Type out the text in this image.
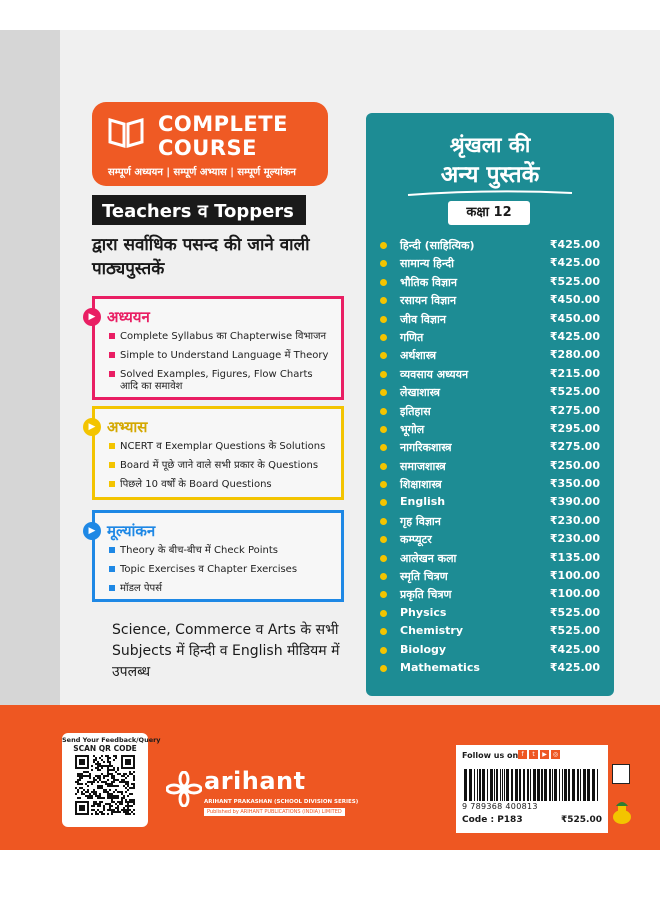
COMPLETE
COURSE
सम्पूर्ण अध्ययन | सम्पूर्ण अभ्यास | सम्पूर्ण मूल्यांकन
Teachers व Toppers
द्वारा सर्वाधिक पसन्द की जाने वाली पाठ्यपुस्तकें
▶ अध्ययन
Complete Syllabus का Chapterwise विभाजन
Simple to Understand Language में Theory
Solved Examples, Figures, Flow Charts आदि का समावेश
▶ अभ्यास
NCERT व Exemplar Questions के Solutions
Board में पूछे जाने वाले सभी प्रकार के Questions
पिछले 10 वर्षों के Board Questions
▶ मूल्यांकन
Theory के बीच-बीच में Check Points
Topic Exercises व Chapter Exercises
मॉडल पेपर्स
Science, Commerce व Arts के सभी Subjects में हिन्दी व English मीडियम में उपलब्ध
श्रृंखला की
अन्य पुस्तकें
कक्षा 12
हिन्दी (साहित्यिक)	₹425.00
सामान्य हिन्दी	₹425.00
भौतिक विज्ञान	₹525.00
रसायन विज्ञान	₹450.00
जीव विज्ञान	₹450.00
गणित	₹425.00
अर्थशास्त्र	₹280.00
व्यवसाय अध्ययन	₹215.00
लेखाशास्त्र	₹525.00
इतिहास	₹275.00
भूगोल	₹295.00
नागरिकशास्त्र	₹275.00
समाजशास्त्र	₹250.00
शिक्षाशास्त्र	₹350.00
English	₹390.00
गृह विज्ञान	₹230.00
कम्प्यूटर	₹230.00
आलेखन कला	₹135.00
स्मृति चित्रण	₹100.00
प्रकृति चित्रण	₹100.00
Physics	₹525.00
Chemistry	₹525.00
Biology	₹425.00
Mathematics	₹425.00
Send Your Feedback/Query
SCAN QR CODE
arihant
ARIHANT PRAKASHAN (SCHOOL DIVISION SERIES)
Published by ARIHANT PUBLICATIONS (INDIA) LIMITED
Follow us on f	t	▶	◎
9 789368 400813
Code : P183	₹525.00
